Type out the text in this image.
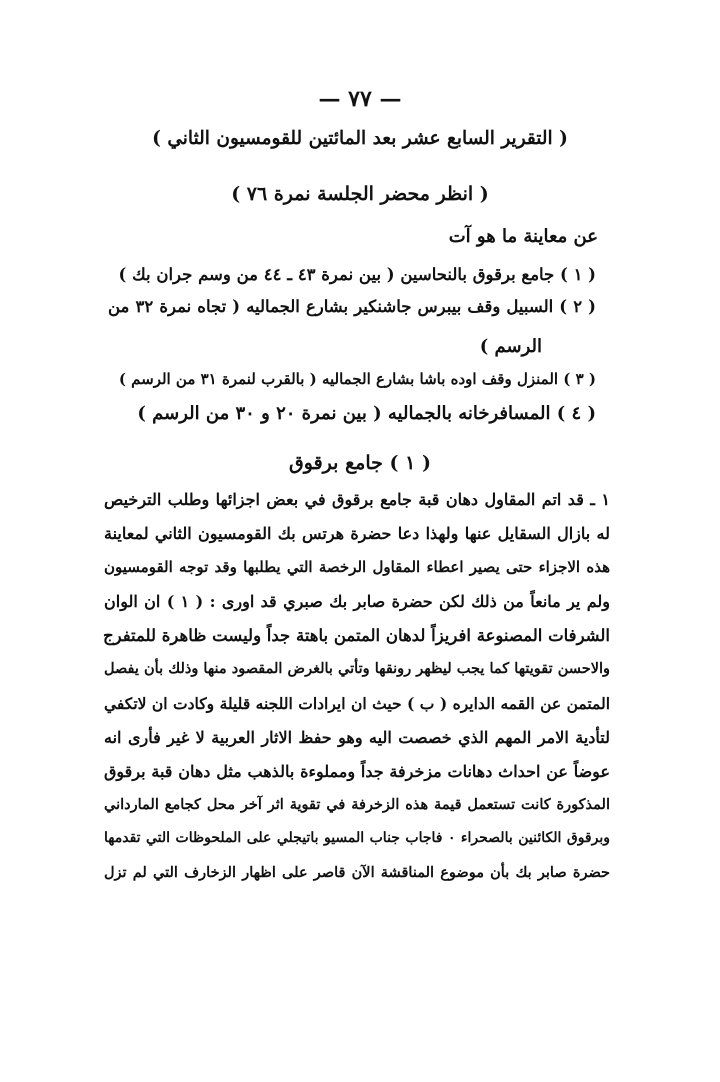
— ٧٧ —
( التقرير السابع عشر بعد المائتين للقومسيون الثاني )
( انظر محضر الجلسة نمرة ٧٦ )
عن معاينة ما هو آت
( ١ ) جامع برقوق بالنحاسين ( بين نمرة ٤٣ ـ ٤٤ من وسم جران بك )
( ٢ ) السبيل وقف بيبرس جاشنكير بشارع الجماليه ( تجاه نمرة ٣٢ من
الرسم )
( ٣ ) المنزل وقف اوده باشا بشارع الجماليه ( بالقرب لنمرة ٣١ من الرسم )
( ٤ ) المسافرخانه بالجماليه ( بين نمرة ٢٠ و ٣٠ من الرسم )
( ١ ) جامع برقوق
١ ـ قد اتم المقاول دهان قبة جامع برقوق في بعض اجزائها وطلب الترخيص
له بازال السقايل عنها ولهذا دعا حضرة هرتس بك القومسيون الثاني لمعاينة
هذه الاجزاء حتى يصير اعطاء المقاول الرخصة التي يطلبها وقد توجه القومسيون
ولم ير مانعاً من ذلك لكن حضرة صابر بك صبري قد اورى : ( ١ ) ان الوان
الشرفات المصنوعة افريزاً لدهان المتمن باهتة جداً وليست ظاهرة للمتفرج
والاحسن تقويتها كما يجب ليظهر رونقها وتأتي بالغرض المقصود منها وذلك بأن يفصل
المتمن عن القمه الدايره ( ب ) حيث ان ايرادات اللجنه قليلة وكادت ان لاتكفي
لتأدية الامر المهم الذي خصصت اليه وهو حفظ الاثار العربية لا غير فأرى انه
عوضاً عن احداث دهانات مزخرفة جداً ومملوءة بالذهب مثل دهان قبة برقوق
المذكورة كانت تستعمل قيمة هذه الزخرفة في تقوية اثر آخر محل كجامع المارداني
وبرقوق الكائنين بالصحراء ٠ فاجاب جناب المسيو باتيجلي على الملحوظات التي تقدمها
حضرة صابر بك بأن موضوع المناقشة الآن قاصر على اظهار الزخارف التي لم تزل
